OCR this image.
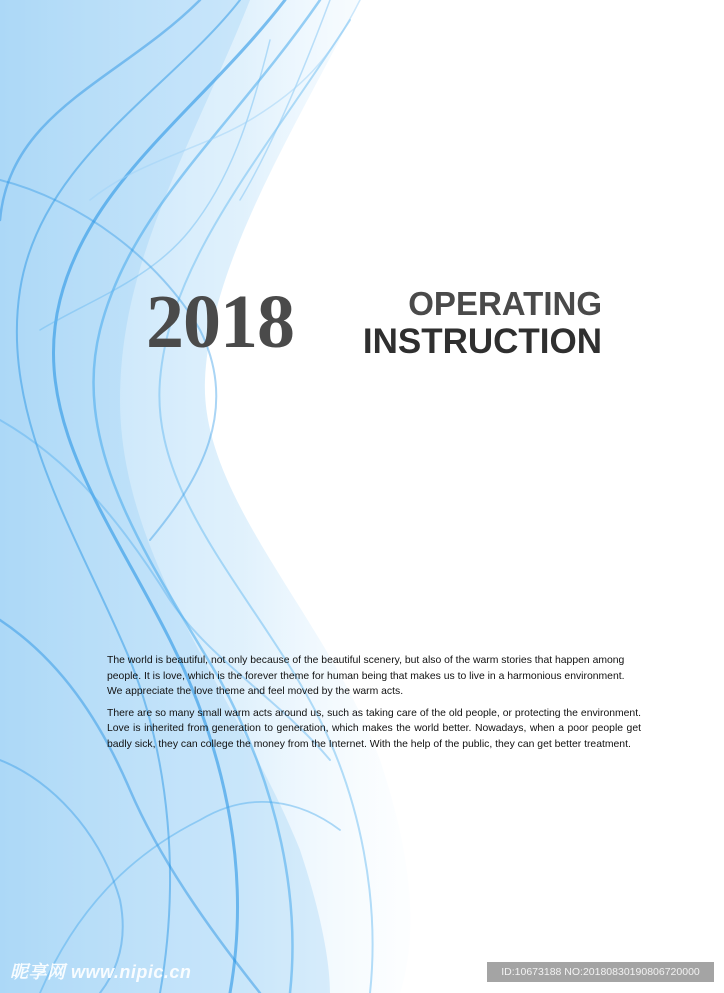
2018	OPERATING
INSTRUCTION

The world is beautiful, not only because of the beautiful scenery, but also of the warm stories that happen among people. It is love, which is the forever theme for human being that makes us to live in a harmonious environment. We appreciate the love theme and feel moved by the warm acts.

There are so many small warm acts around us, such as taking care of the old people, or protecting the environment. Love is inherited from generation to generation, which makes the world better. Nowadays, when a poor people get badly sick, they can college the money from the Internet. With the help of the public, they can get better treatment.

昵享网 www.nipic.cn	ID:10673188 NO:20180830190806720000
